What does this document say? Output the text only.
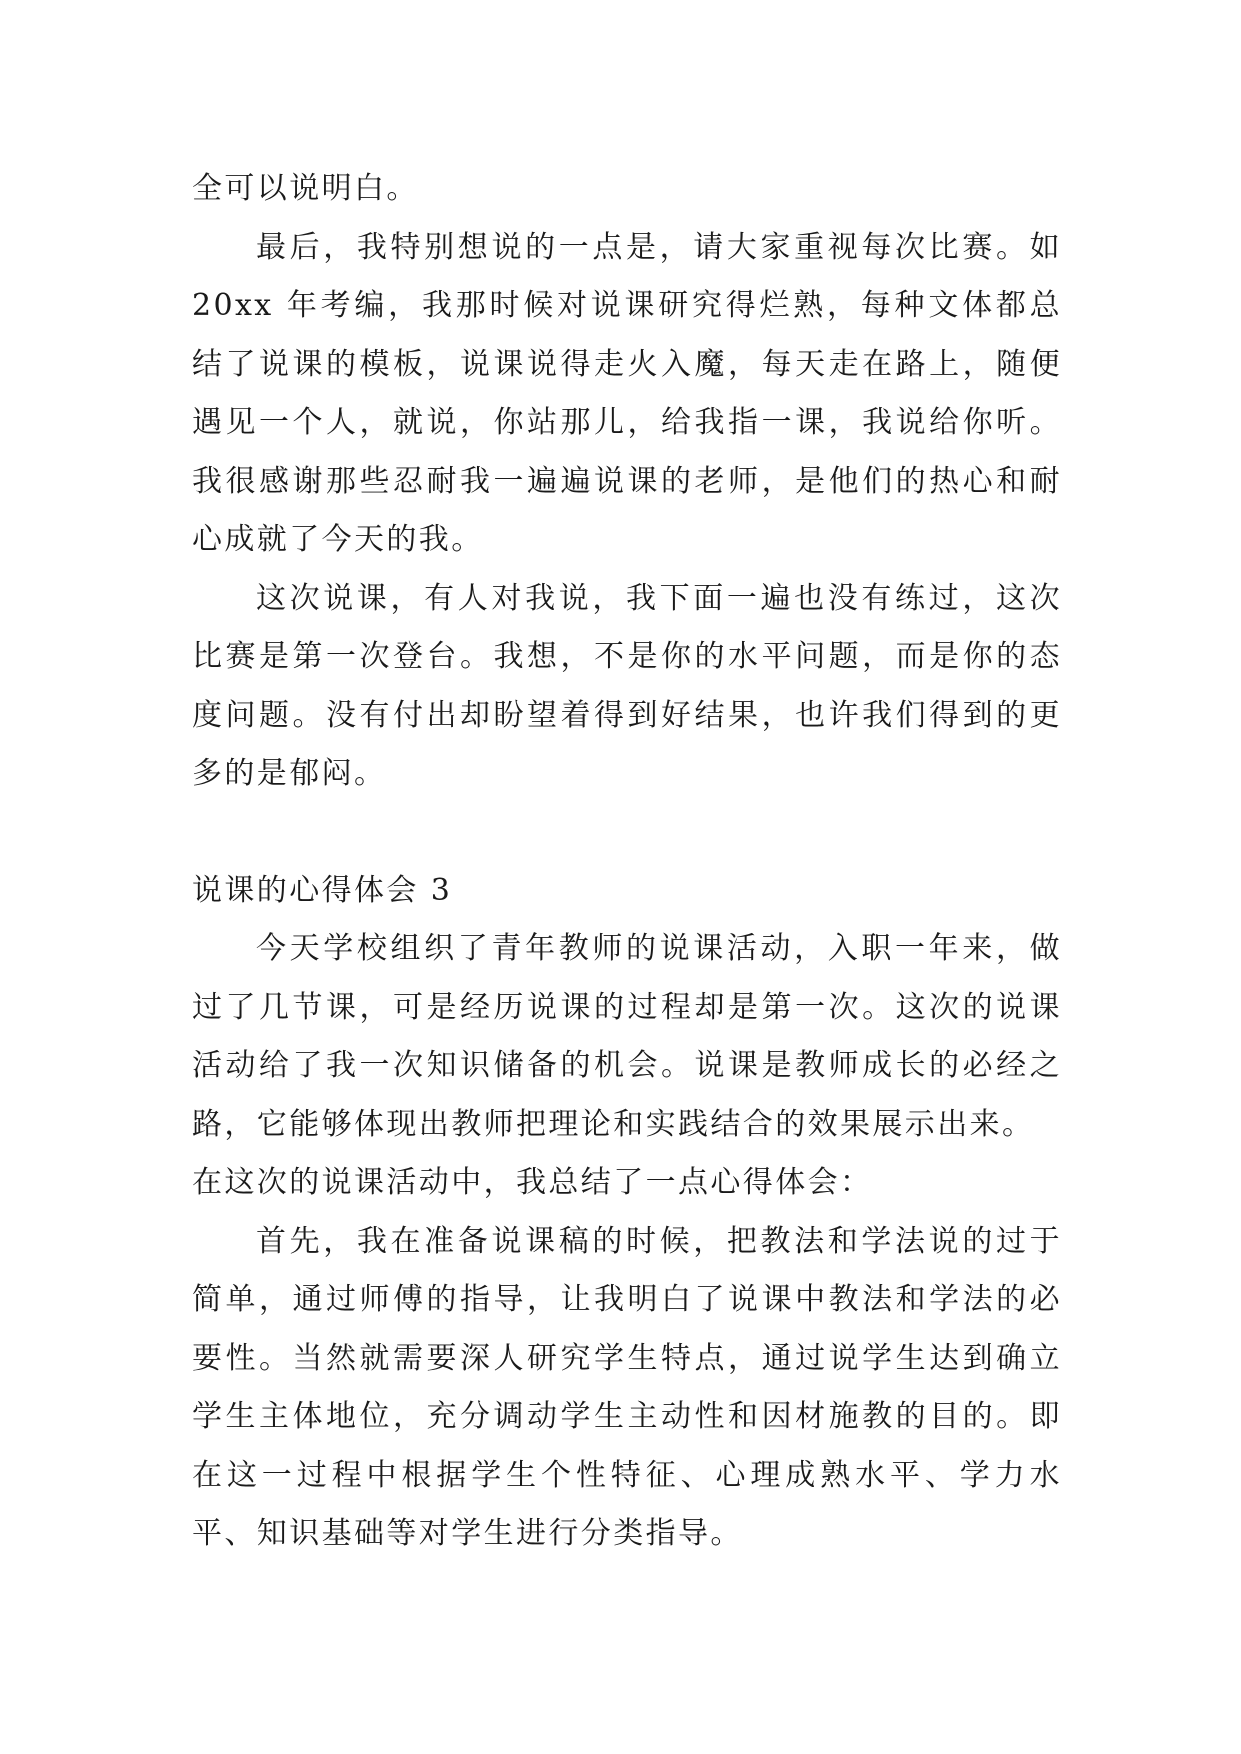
全可以说明白。

最后，我特别想说的一点是，请大家重视每次比赛。如20xx 年考编，我那时候对说课研究得烂熟，每种文体都总结了说课的模板，说课说得走火入魔，每天走在路上，随便遇见一个人，就说，你站那儿，给我指一课，我说给你听。我很感谢那些忍耐我一遍遍说课的老师，是他们的热心和耐心成就了今天的我。

这次说课，有人对我说，我下面一遍也没有练过，这次比赛是第一次登台。我想，不是你的水平问题，而是你的态度问题。没有付出却盼望着得到好结果，也许我们得到的更多的是郁闷。

说课的心得体会 3

今天学校组织了青年教师的说课活动，入职一年来，做过了几节课，可是经历说课的过程却是第一次。这次的说课活动给了我一次知识储备的机会。说课是教师成长的必经之路，它能够体现出教师把理论和实践结合的效果展示出来。

在这次的说课活动中，我总结了一点心得体会：

首先，我在准备说课稿的时候，把教法和学法说的过于简单，通过师傅的指导，让我明白了说课中教法和学法的必要性。当然就需要深人研究学生特点，通过说学生达到确立学生主体地位，充分调动学生主动性和因材施教的目的。即在这一过程中根据学生个性特征、心理成熟水平、学力水平、知识基础等对学生进行分类指导。
